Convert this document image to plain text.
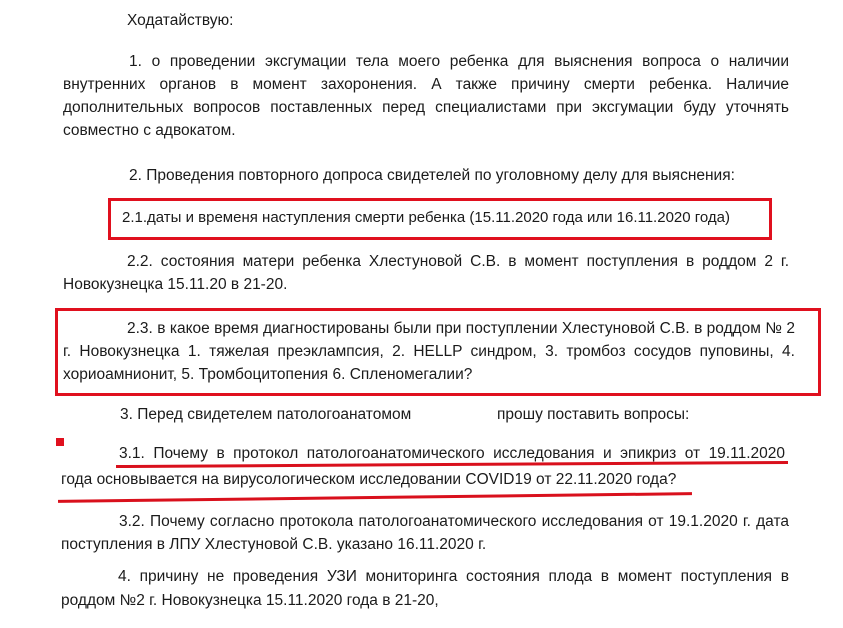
Ходатайствую:
1. о проведении эксгумации тела моего ребенка для выяснения вопроса о наличии
внутренних органов в момент захоронения. А также причину смерти ребенка. Наличие
дополнительных вопросов поставленных перед специалистами при эксгумации буду уточнять
совместно с адвокатом.
2. Проведения повторного допроса свидетелей по уголовному делу для выяснения:
2.1.даты и временя наступления смерти ребенка (15.11.2020 года или 16.11.2020 года)
2.2. состояния матери ребенка Хлестуновой С.В. в момент поступления в роддом 2 г.
Новокузнецка 15.11.20 в 21-20.
2.3. в какое время диагностированы были при поступлении Хлестуновой С.В. в роддом № 2
г. Новокузнецка 1. тяжелая преэклампсия, 2. HELLP синдром, 3. тромбоз сосудов пуповины, 4.
хориоамнионит, 5. Тромбоцитопения 6. Спленомегалии?
3. Перед свидетелем патологоанатомом	прошу поставить вопросы:
3.1. Почему в протокол патологоанатомического исследования и эпикриз от 19.11.2020
года основывается на вирусологическом исследовании COVID19 от 22.11.2020 года?
3.2. Почему согласно протокола патологоанатомического исследования от 19.1.2020 г. дата
поступления в ЛПУ Хлестуновой С.В. указано 16.11.2020 г.
4. причину не проведения УЗИ мониторинга состояния плода в момент поступления в
роддом №2 г. Новокузнецка 15.11.2020 года в 21-20,
